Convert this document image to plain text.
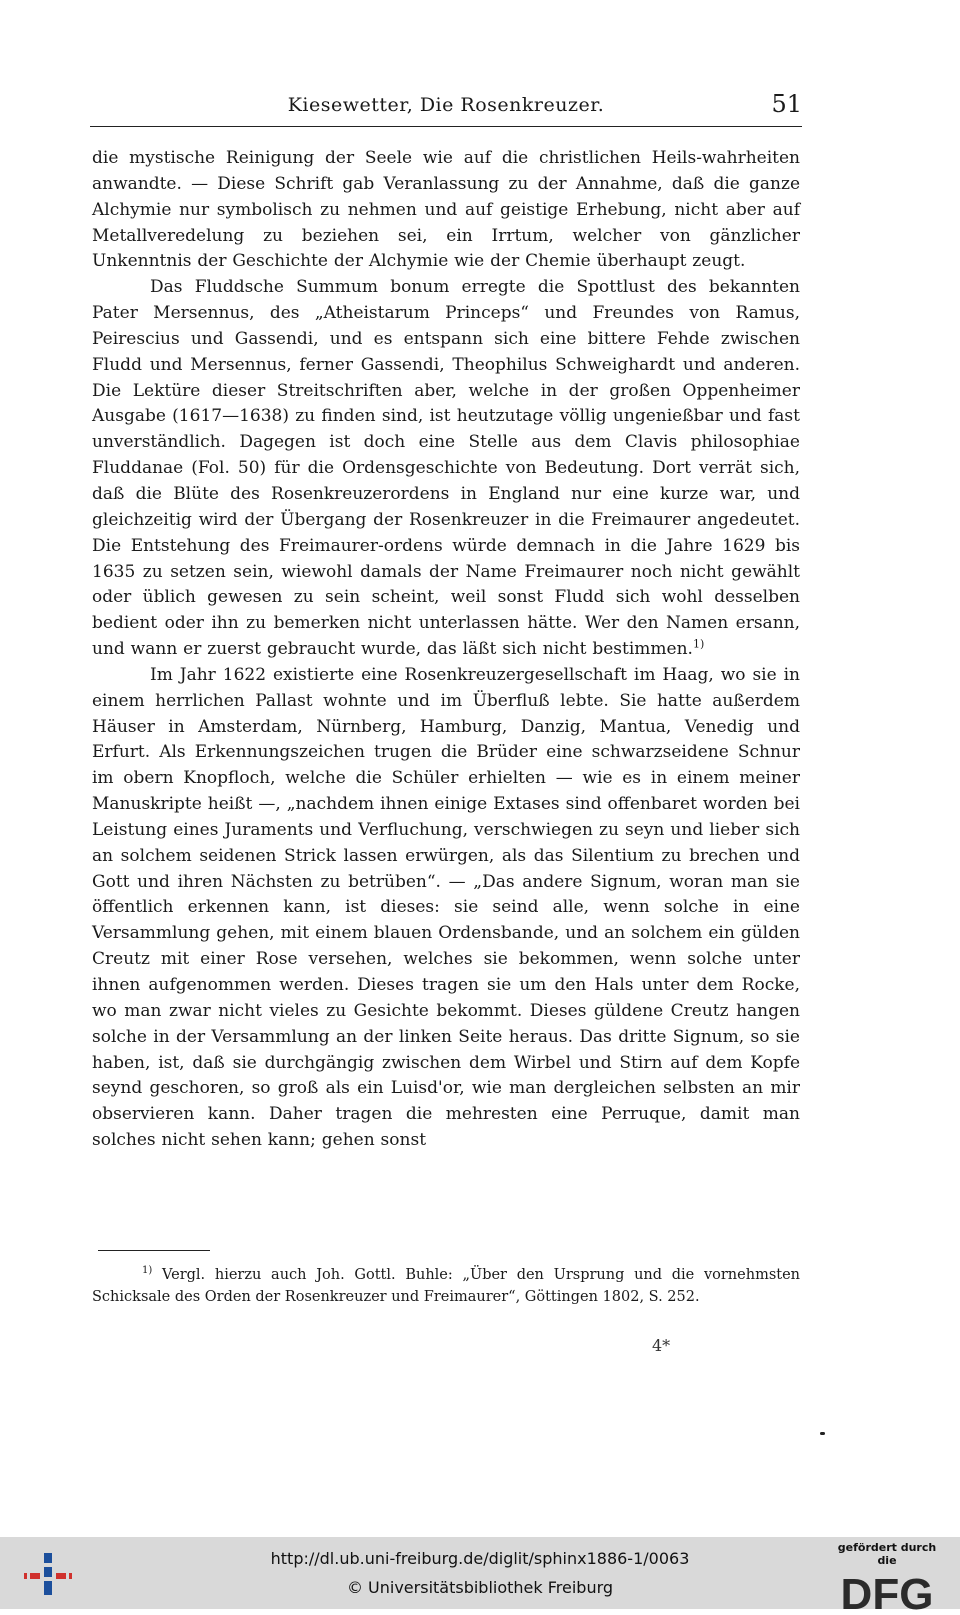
Kiesewetter, Die Rosenkreuzer.	51

die mystische Reinigung der Seele wie auf die christlichen Heils-wahrheiten anwandte. — Diese Schrift gab Veranlassung zu der Annahme, daß die ganze Alchymie nur symbolisch zu nehmen und auf geistige Erhebung, nicht aber auf Metallveredelung zu beziehen sei, ein Irrtum, welcher von gänzlicher Unkenntnis der Geschichte der Alchymie wie der Chemie überhaupt zeugt.

Das Fluddsche Summum bonum erregte die Spottlust des bekannten Pater Mersennus, des „Atheistarum Princeps“ und Freundes von Ramus, Peirescius und Gassendi, und es entspann sich eine bittere Fehde zwischen Fludd und Mersennus, ferner Gassendi, Theophilus Schweighardt und anderen. Die Lektüre dieser Streitschriften aber, welche in der großen Oppenheimer Ausgabe (1617—1638) zu finden sind, ist heutzutage völlig ungenießbar und fast unverständlich. Dagegen ist doch eine Stelle aus dem Clavis philosophiae Fluddanae (Fol. 50) für die Ordensgeschichte von Bedeutung. Dort verrät sich, daß die Blüte des Rosenkreuzerordens in England nur eine kurze war, und gleichzeitig wird der Übergang der Rosenkreuzer in die Freimaurer angedeutet. Die Entstehung des Freimaurer-ordens würde demnach in die Jahre 1629 bis 1635 zu setzen sein, wiewohl damals der Name Freimaurer noch nicht gewählt oder üblich gewesen zu sein scheint, weil sonst Fludd sich wohl desselben bedient oder ihn zu bemerken nicht unterlassen hätte. Wer den Namen ersann, und wann er zuerst gebraucht wurde, das läßt sich nicht bestimmen.$^{1)}$

Im Jahr 1622 existierte eine Rosenkreuzergesellschaft im Haag, wo sie in einem herrlichen Pallast wohnte und im Überfluß lebte. Sie hatte außerdem Häuser in Amsterdam, Nürnberg, Hamburg, Danzig, Mantua, Venedig und Erfurt. Als Erkennungszeichen trugen die Brüder eine schwarzseidene Schnur im obern Knopfloch, welche die Schüler erhielten — wie es in einem meiner Manuskripte heißt —, „nachdem ihnen einige Extases sind offenbaret worden bei Leistung eines Juraments und Verfluchung, verschwiegen zu seyn und lieber sich an solchem seidenen Strick lassen erwürgen, als das Silentium zu brechen und Gott und ihren Nächsten zu betrüben“. — „Das andere Signum, woran man sie öffentlich erkennen kann, ist dieses: sie seind alle, wenn solche in eine Versammlung gehen, mit einem blauen Ordensbande, und an solchem ein gülden Creutz mit einer Rose versehen, welches sie bekommen, wenn solche unter ihnen aufgenommen werden. Dieses tragen sie um den Hals unter dem Rocke, wo man zwar nicht vieles zu Gesichte bekommt. Dieses güldene Creutz hangen solche in der Versammlung an der linken Seite heraus. Das dritte Signum, so sie haben, ist, daß sie durchgängig zwischen dem Wirbel und Stirn auf dem Kopfe seynd geschoren, so groß als ein Luisd'or, wie man dergleichen selbsten an mir observieren kann. Daher tragen die mehresten eine Perruque, damit man solches nicht sehen kann; gehen sonst

$^{1)}$ Vergl. hierzu auch Joh. Gottl. Buhle: „Über den Ursprung und die vornehmsten Schicksale des Orden der Rosenkreuzer und Freimaurer“, Göttingen 1802, S. 252.

4*
http://dl.ub.uni-freiburg.de/diglit/sphinx1886-1/0063
© Universitätsbibliothek Freiburg
gefördert durch die
DFG
